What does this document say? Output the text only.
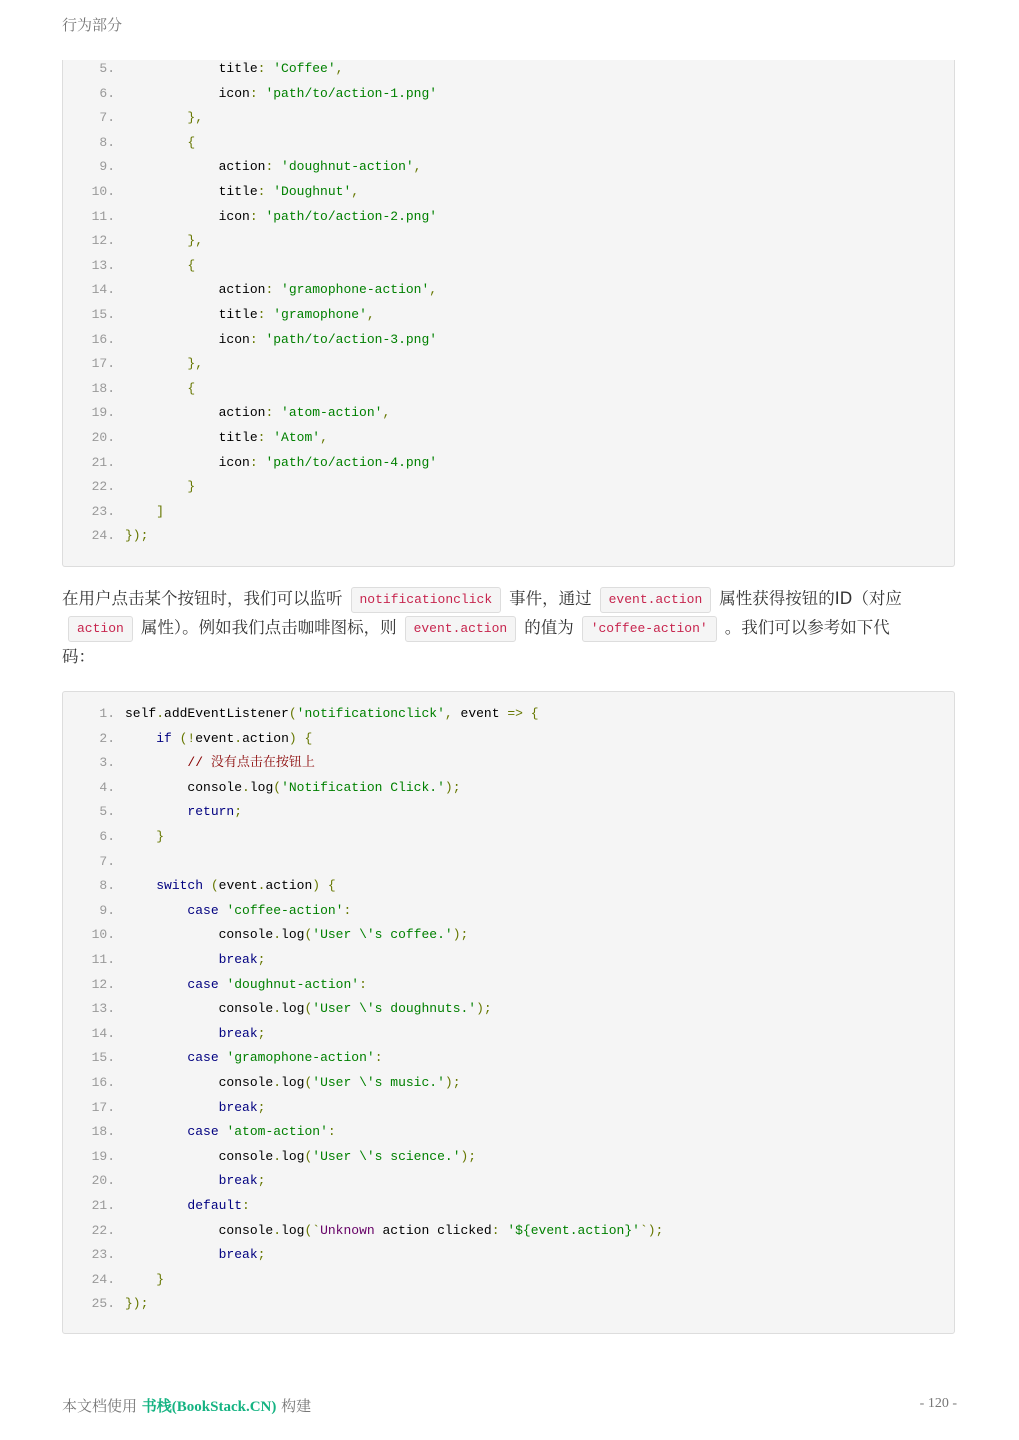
行为部分
5.	title: 'Coffee',
6.	icon: 'path/to/action-1.png'
7.	},
8.	{
9.	action: 'doughnut-action',
10.	title: 'Doughnut',
11.	icon: 'path/to/action-2.png'
12.	},
13.	{
14.	action: 'gramophone-action',
15.	title: 'gramophone',
16.	icon: 'path/to/action-3.png'
17.	},
18.	{
19.	action: 'atom-action',
20.	title: 'Atom',
21.	icon: 'path/to/action-4.png'
22.	}
23.	]
24. });
在用户点击某个按钮时，我们可以监听 notificationclick 事件，通过 event.action 属性获得按钮的ID（对应
action 属性）。例如我们点击咖啡图标，则 event.action 的值为 'coffee-action' 。我们可以参考如下代
码：
1. self.addEventListener('notificationclick', event => {
2.	if (!event.action) {
3.	// 没有点击在按钮上
4.	console.log('Notification Click.');
5.	return;
6.	}
7.
8.	switch (event.action) {
9.	case 'coffee-action':
10.	console.log('User \'s coffee.');
11.	break;
12.	case 'doughnut-action':
13.	console.log('User \'s doughnuts.');
14.	break;
15.	case 'gramophone-action':
16.	console.log('User \'s music.');
17.	break;
18.	case 'atom-action':
19.	console.log('User \'s science.');
20.	break;
21.	default:
22.	console.log(`Unknown action clicked: '${event.action}'`);
23.	break;
24.	}
25. });
本文档使用 书栈(BookStack.CN) 构建	- 120 -
